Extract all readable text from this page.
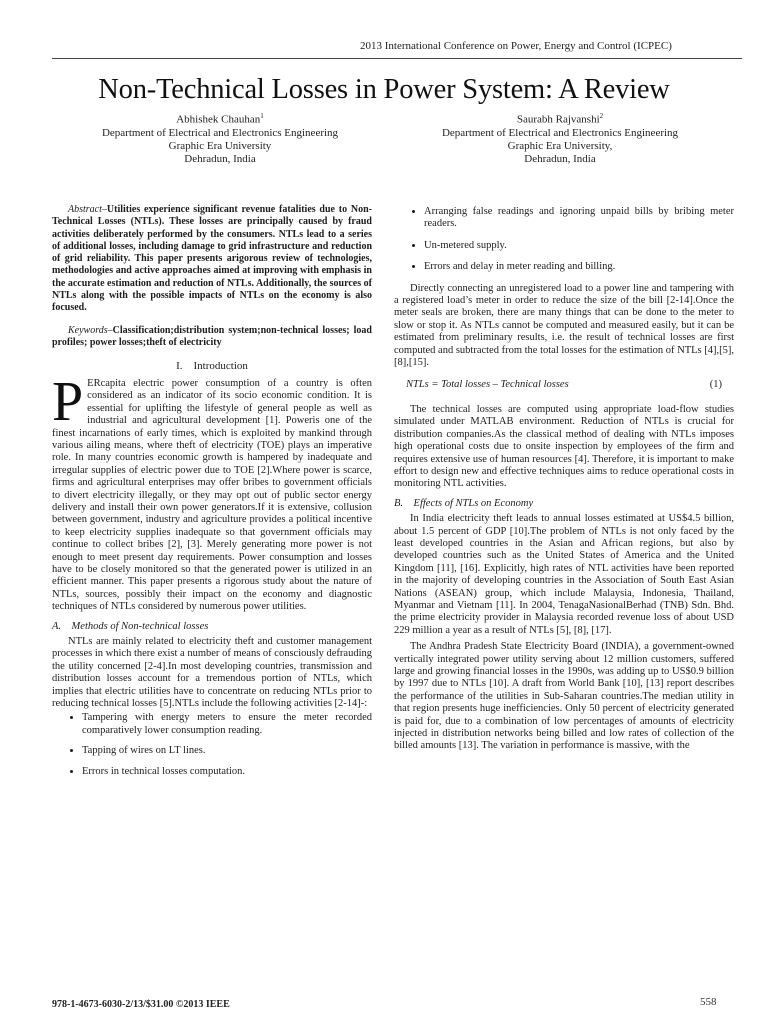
2013 International Conference on Power, Energy and Control (ICPEC)
Non-Technical Losses in Power System: A Review
Abhishek Chauhan$^1$
Department of Electrical and Electronics Engineering
Graphic Era University
Dehradun, India
Saurabh Rajvanshi$^2$
Department of Electrical and Electronics Engineering
Graphic Era University,
Dehradun, India

Abstract–Utilities experience significant revenue fatalities due to Non-Technical Losses (NTLs). These losses are principally caused by fraud activities deliberately performed by the consumers. NTLs lead to a series of additional losses, including damage to grid infrastructure and reduction of grid reliability. This paper presents arigorous review of technologies, methodologies and active approaches aimed at improving with emphasis in the accurate estimation and reduction of NTLs. Additionally, the sources of NTLs along with the possible impacts of NTLs on the economy is also focused.

Keywords–Classification;distribution system;non-technical losses; load profiles; power losses;theft of electricity

I.  Introduction

P ERcapita electric power consumption of a country is often considered as an indicator of its socio economic condition. It is essential for uplifting the lifestyle of general people as well as industrial and agricultural development [1]. Poweris one of the finest incarnations of early times, which is exploited by mankind through various ailing means, where theft of electricity (TOE) plays an imperative role. In many countries economic growth is hampered by inadequate and irregular supplies of electric power due to TOE [2].Where power is scarce, firms and agricultural enterprises may offer bribes to government officials to divert electricity illegally, or they may opt out of public sector energy delivery and install their own power generators.If it is extensive, collusion between government, industry and agriculture provides a political incentive to keep electricity supplies inadequate so that government officials may continue to collect bribes [2], [3]. Merely generating more power is not enough to meet present day requirements. Power consumption and losses have to be closely monitored so that the generated power is utilized in an efficient manner. This paper presents a rigorous study about the nature of NTLs, sources, possibly their impact on the economy and diagnostic techniques of NTLs considered by numerous power utilities.

A.  Methods of Non-technical losses

NTLs are mainly related to electricity theft and customer management processes in which there exist a number of means of consciously defrauding the utility concerned [2-4].In most developing countries, transmission and distribution losses account for a tremendous portion of NTLs, which implies that electric utilities have to concentrate on reducing NTLs prior to reducing technical losses [5].NTLs include the following activities [2-14]-:

• Tampering with energy meters to ensure the meter recorded comparatively lower consumption reading.
• Tapping of wires on LT lines.
• Errors in technical losses computation.
• Arranging false readings and ignoring unpaid bills by bribing meter readers.
• Un-metered supply.
• Errors and delay in meter reading and billing.

Directly connecting an unregistered load to a power line and tampering with a registered load’s meter in order to reduce the size of the bill [2-14].Once the meter seals are broken, there are many things that can be done to the meter to slow or stop it. As NTLs cannot be computed and measured easily, but it can be estimated from preliminary results, i.e. the result of technical losses are first computed and subtracted from the total losses for the estimation of NTLs [4],[5],[8],[15].

NTLs = Total losses – Technical losses	(1)

The technical losses are computed using appropriate load-flow studies simulated under MATLAB environment. Reduction of NTLs is crucial for distribution companies.As the classical method of dealing with NTLs imposes high operational costs due to onsite inspection by employees of the firm and requires extensive use of human resources [4]. Therefore, it is important to make effort to design new and effective techniques aims to reduce operational costs in monitoring NTL activities.

B.  Effects of NTLs on Economy

In India electricity theft leads to annual losses estimated at US$4.5 billion, about 1.5 percent of GDP [10].The problem of NTLs is not only faced by the least developed countries in the Asian and African regions, but also by developed countries such as the United States of America and the United Kingdom [11], [16]. Explicitly, high rates of NTL activities have been reported in the majority of developing countries in the Association of South East Asian Nations (ASEAN) group, which include Malaysia, Indonesia, Thailand, Myanmar and Vietnam [11]. In 2004, TenagaNasionalBerhad (TNB) Sdn. Bhd. the prime electricity provider in Malaysia recorded revenue loss of about USD 229 million a year as a result of NTLs [5], [8], [17].

The Andhra Pradesh State Electricity Board (INDIA), a government-owned vertically integrated power utility serving about 12 million customers, suffered large and growing financial losses in the 1990s, was adding up to US$0.9 billion by 1997 due to NTLs [10]. A draft from World Bank [10], [13] report describes the performance of the utilities in Sub-Saharan countries.The median utility in that region presents huge inefficiencies. Only 50 percent of electricity generated is paid for, due to a combination of low percentages of amounts of electricity injected in distribution networks being billed and low rates of collection of the billed amounts [13]. The variation in performance is massive, with the

978-1-4673-6030-2/13/$31.00 ©2013 IEEE	558
